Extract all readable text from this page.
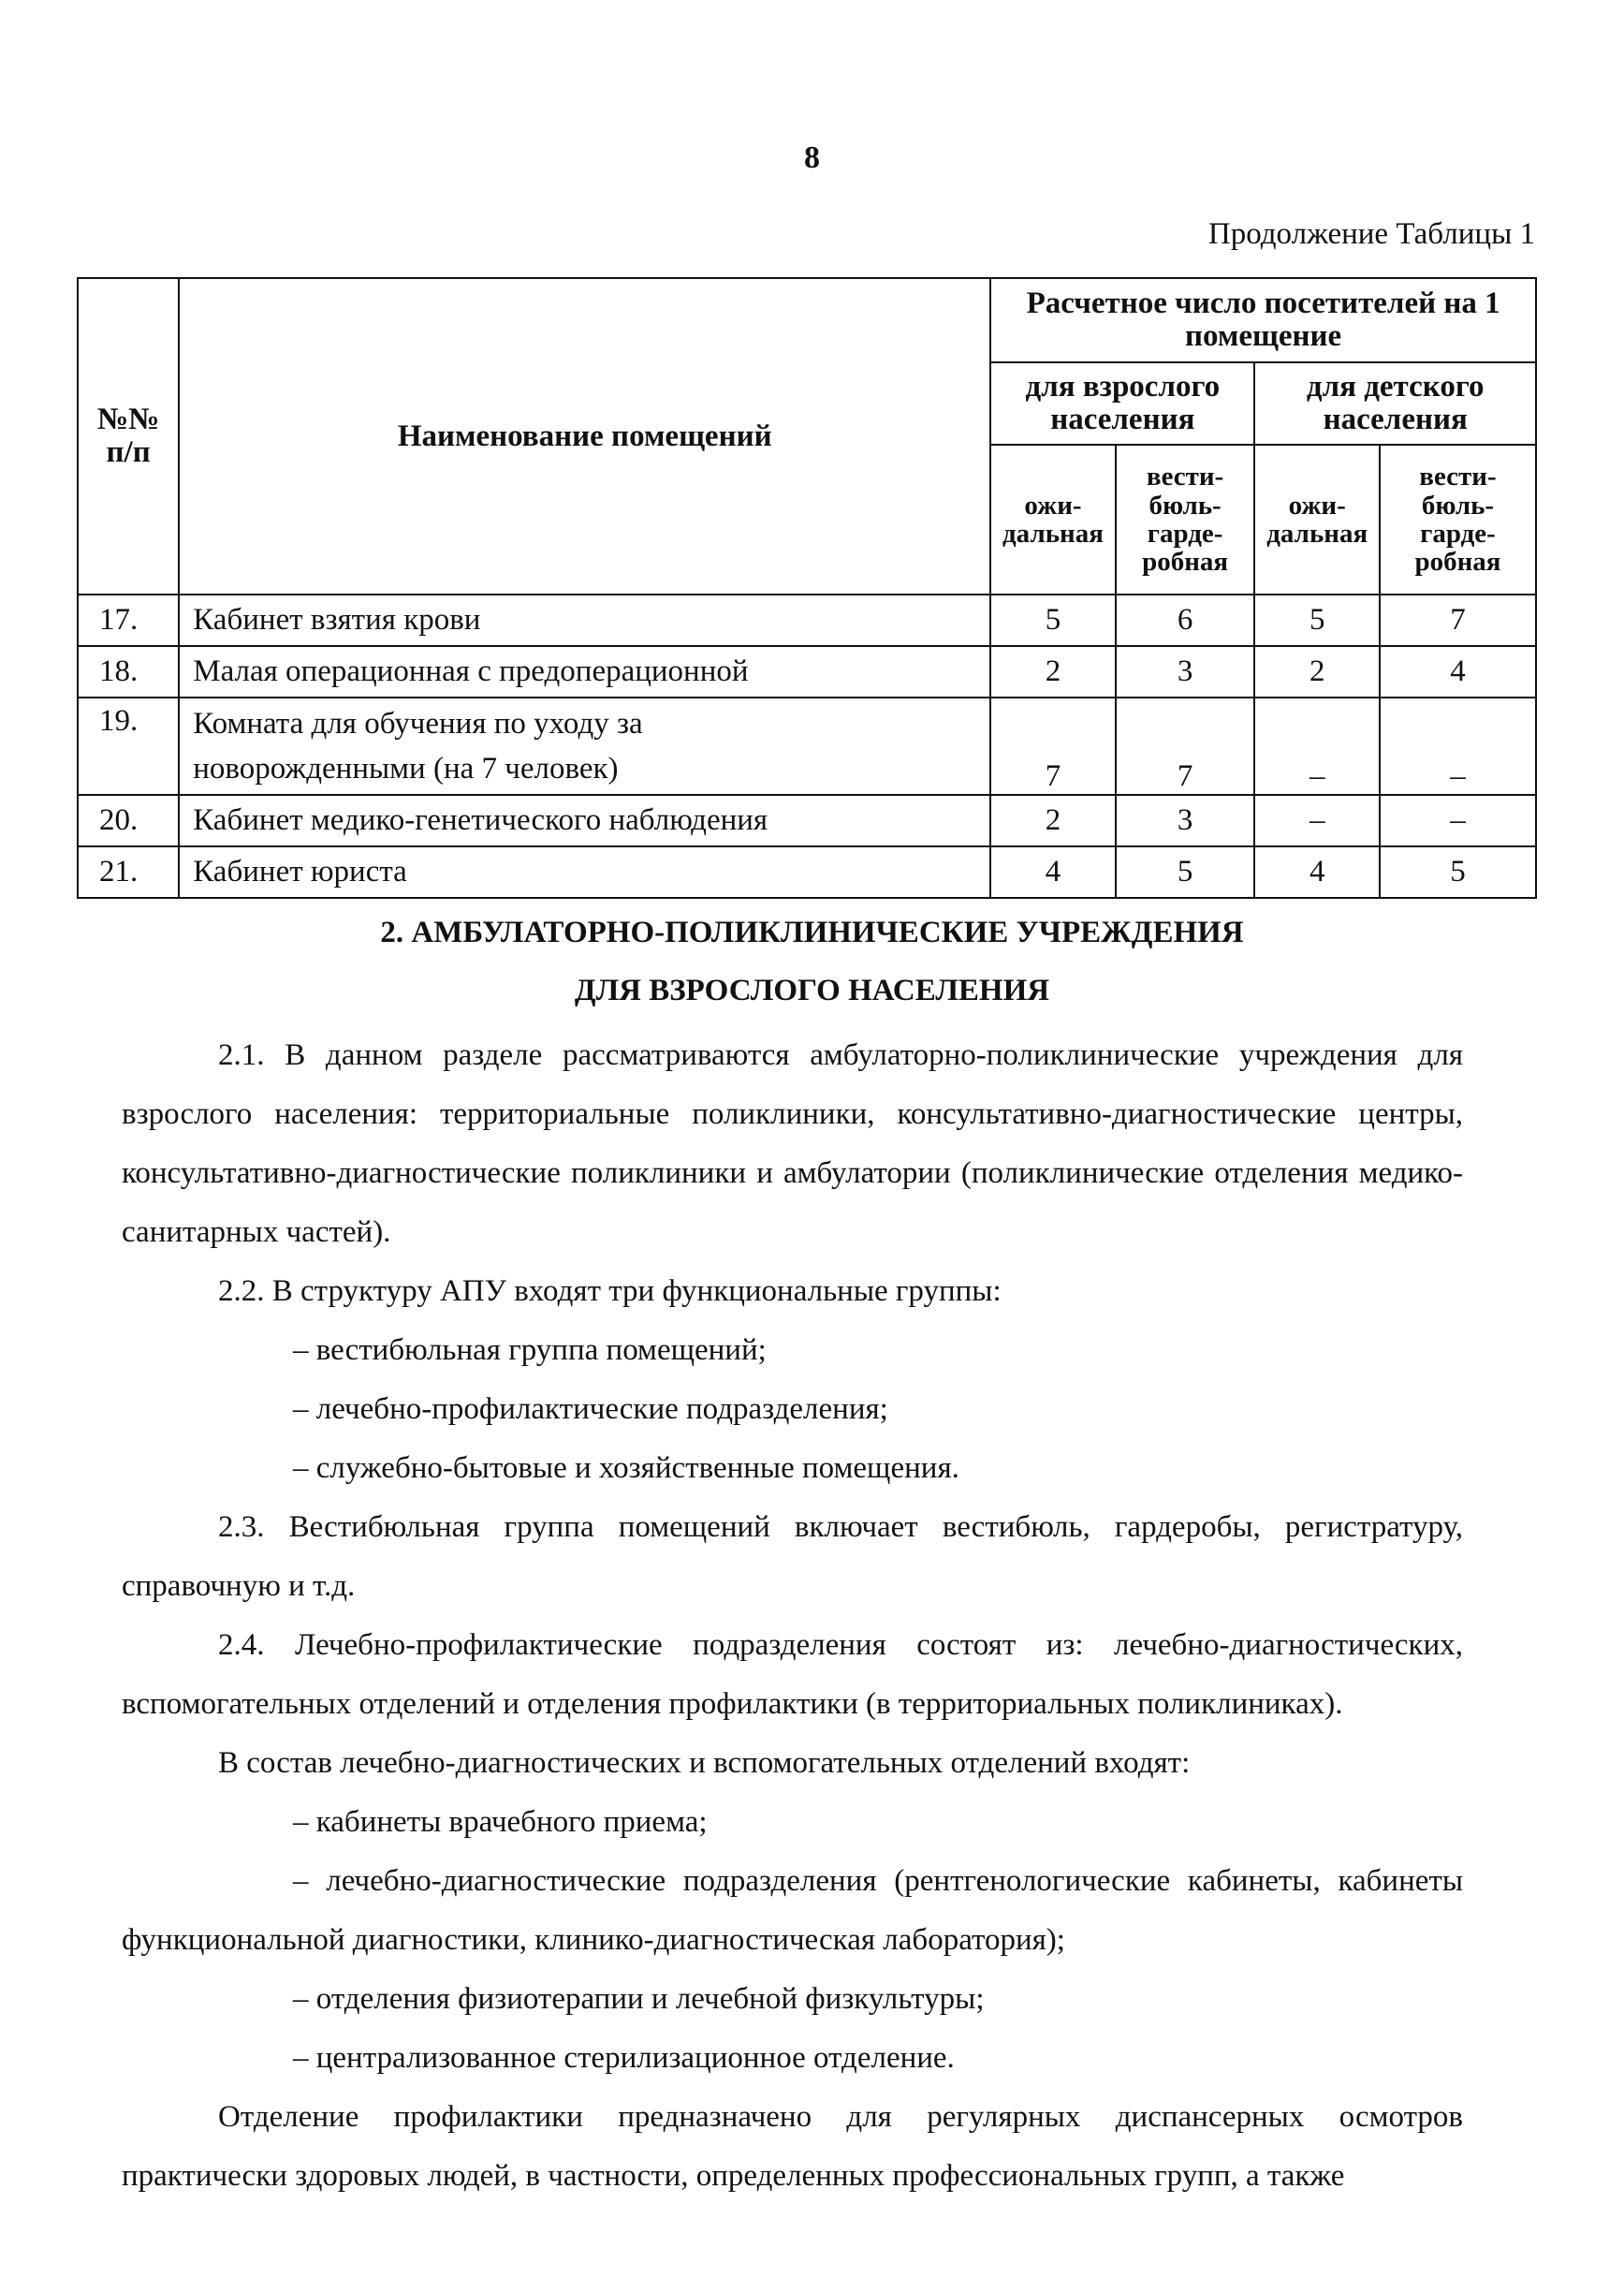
8
Продолжение Таблицы 1
№№ п/п	Наименование помещений	Расчетное число посетителей на 1 помещение			
		для взрослого населения		для детского населения	
		ожи-дальная	вести-бюль-гарде-робная	ожи-дальная	вести-бюль-гарде-робная
17.	Кабинет взятия крови	5	6	5	7
18.	Малая операционная с предоперационной	2	3	2	4
19.	Комната для обучения по уходу за
новорожденными (на 7 человек)	7	7	–	–
20.	Кабинет медико-генетического наблюдения	2	3	–	–
21.	Кабинет юриста	4	5	4	5
2. АМБУЛАТОРНО-ПОЛИКЛИНИЧЕСКИЕ УЧРЕЖДЕНИЯ
ДЛЯ ВЗРОСЛОГО НАСЕЛЕНИЯ

2.1. В данном разделе рассматриваются амбулаторно-поликлинические учреждения для взрослого населения: территориальные поликлиники, консультативно-диагностические центры, консультативно-диагностические поликлиники и амбулатории (поликлинические отделения медико-санитарных частей).

2.2. В структуру АПУ входят три функциональные группы:

– вестибюльная группа помещений;

– лечебно-профилактические подразделения;

– служебно-бытовые и хозяйственные помещения.

2.3. Вестибюльная группа помещений включает вестибюль, гардеробы, регистратуру, справочную и т.д.

2.4. Лечебно-профилактические подразделения состоят из: лечебно-диагностических, вспомогательных отделений и отделения профилактики (в территориальных поликлиниках).

В состав лечебно-диагностических и вспомогательных отделений входят:

– кабинеты врачебного приема;

– лечебно-диагностические подразделения (рентгенологические кабинеты, кабинеты функциональной диагностики, клинико-диагностическая лаборатория);

– отделения физиотерапии и лечебной физкультуры;

– централизованное стерилизационное отделение.

Отделение профилактики предназначено для регулярных диспансерных осмотров практически здоровых людей, в частности, определенных профессиональных групп, а также
